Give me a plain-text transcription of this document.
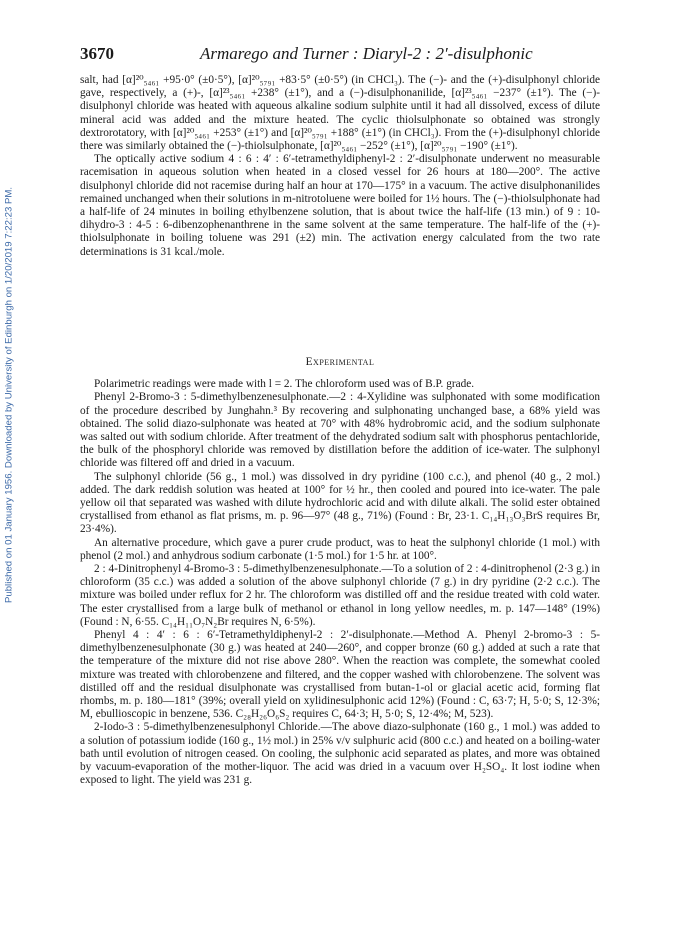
Published on 01 January 1956. Downloaded by University of Edinburgh on 1/20/2019 7:22:23 PM.
3670	Armarego and Turner : Diaryl-2 : 2′-disulphonic

salt, had [α]²⁰₅₄₆₁ +95·0° (±0·5°), [α]²⁰₅₇₉₁ +83·5° (±0·5°) (in CHCl₃). The (−)- and the (+)-disulphonyl chloride gave, respectively, a (+)-, [α]²³₅₄₆₁ +238° (±1°), and a (−)-disulphonanilide, [α]²³₅₄₆₁ −237° (±1°). The (−)-disulphonyl chloride was heated with aqueous alkaline sodium sulphite until it had all dissolved, excess of dilute mineral acid was added and the mixture heated. The cyclic thiolsulphonate so obtained was strongly dextrorotatory, with [α]²⁰₅₄₆₁ +253° (±1°) and [α]²⁰₅₇₉₁ +188° (±1°) (in CHCl₃). From the (+)-disulphonyl chloride there was similarly obtained the (−)-thiolsulphonate, [α]²⁰₅₄₆₁ −252° (±1°), [α]²⁰₅₇₉₁ −190° (±1°).

The optically active sodium 4 : 6 : 4′ : 6′-tetramethyldiphenyl-2 : 2′-disulphonate underwent no measurable racemisation in aqueous solution when heated in a closed vessel for 26 hours at 180—200°. The active disulphonyl chloride did not racemise during half an hour at 170—175° in a vacuum. The active disulphonanilides remained unchanged when their solutions in m-nitrotoluene were boiled for 1½ hours. The (−)-thiolsulphonate had a half-life of 24 minutes in boiling ethylbenzene solution, that is about twice the half-life (13 min.) of 9 : 10-dihydro-3 : 4-5 : 6-dibenzophenanthrene in the same solvent at the same temperature. The half-life of the (+)-thiolsulphonate in boiling toluene was 291 (±2) min. The activation energy calculated from the two rate determinations is 31 kcal./mole.

Experimental

Polarimetric readings were made with l = 2. The chloroform used was of B.P. grade.

Phenyl 2-Bromo-3 : 5-dimethylbenzenesulphonate.—2 : 4-Xylidine was sulphonated with some modification of the procedure described by Junghahn.³ By recovering and sulphonating unchanged base, a 68% yield was obtained. The solid diazo-sulphonate was heated at 70° with 48% hydrobromic acid, and the sodium sulphonate was salted out with sodium chloride. After treatment of the dehydrated sodium salt with phosphorus pentachloride, the bulk of the phosphoryl chloride was removed by distillation before the addition of ice-water. The sulphonyl chloride was filtered off and dried in a vacuum.

The sulphonyl chloride (56 g., 1 mol.) was dissolved in dry pyridine (100 c.c.), and phenol (40 g., 2 mol.) added. The dark reddish solution was heated at 100° for ½ hr., then cooled and poured into ice-water. The pale yellow oil that separated was washed with dilute hydrochloric acid and with dilute alkali. The solid ester obtained crystallised from ethanol as flat prisms, m. p. 96—97° (48 g., 71%) (Found : Br, 23·1. C₁₄H₁₃O₃BrS requires Br, 23·4%).

An alternative procedure, which gave a purer crude product, was to heat the sulphonyl chloride (1 mol.) with phenol (2 mol.) and anhydrous sodium carbonate (1·5 mol.) for 1·5 hr. at 100°.

2 : 4-Dinitrophenyl 4-Bromo-3 : 5-dimethylbenzenesulphonate.—To a solution of 2 : 4-dinitrophenol (2·3 g.) in chloroform (35 c.c.) was added a solution of the above sulphonyl chloride (7 g.) in dry pyridine (2·2 c.c.). The mixture was boiled under reflux for 2 hr. The chloroform was distilled off and the residue treated with cold water. The ester crystallised from a large bulk of methanol or ethanol in long yellow needles, m. p. 147—148° (19%) (Found : N, 6·55. C₁₄H₁₁O₇N₂Br requires N, 6·5%).

Phenyl 4 : 4′ : 6 : 6′-Tetramethyldiphenyl-2 : 2′-disulphonate.—Method A. Phenyl 2-bromo-3 : 5-dimethylbenzenesulphonate (30 g.) was heated at 240—260°, and copper bronze (60 g.) added at such a rate that the temperature of the mixture did not rise above 280°. When the reaction was complete, the somewhat cooled mixture was treated with chlorobenzene and filtered, and the copper washed with chlorobenzene. The solvent was distilled off and the residual disulphonate was crystallised from butan-1-ol or glacial acetic acid, forming flat rhombs, m. p. 180—181° (39%; overall yield on xylidinesulphonic acid 12%) (Found : C, 63·7; H, 5·0; S, 12·3%; M, ebullioscopic in benzene, 536. C₂₈H₂₆O₆S₂ requires C, 64·3; H, 5·0; S, 12·4%; M, 523).

2-Iodo-3 : 5-dimethylbenzenesulphonyl Chloride.—The above diazo-sulphonate (160 g., 1 mol.) was added to a solution of potassium iodide (160 g., 1½ mol.) in 25% v/v sulphuric acid (800 c.c.) and heated on a boiling-water bath until evolution of nitrogen ceased. On cooling, the sulphonic acid separated as plates, and more was obtained by vacuum-evaporation of the mother-liquor. The acid was dried in a vacuum over H₂SO₄. It lost iodine when exposed to light. The yield was 231 g.
